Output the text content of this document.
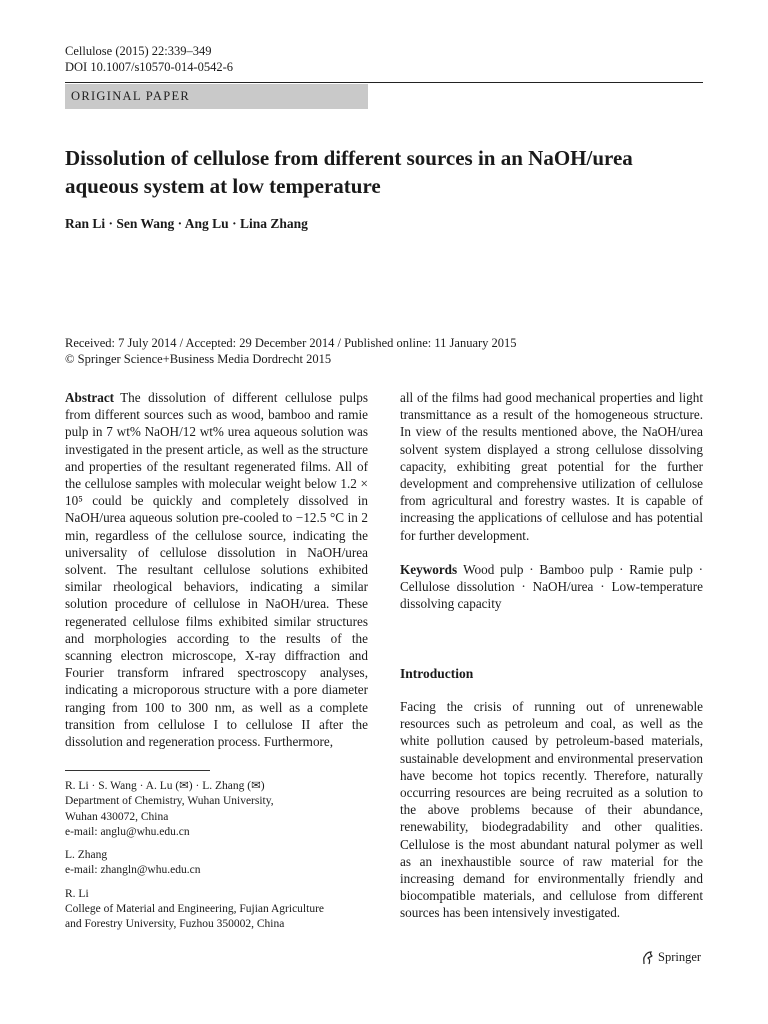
Cellulose (2015) 22:339–349
DOI 10.1007/s10570-014-0542-6
ORIGINAL PAPER
Dissolution of cellulose from different sources in an NaOH/urea aqueous system at low temperature
Ran Li · Sen Wang · Ang Lu · Lina Zhang
Received: 7 July 2014 / Accepted: 29 December 2014 / Published online: 11 January 2015
© Springer Science+Business Media Dordrecht 2015

Abstract The dissolution of different cellulose pulps from different sources such as wood, bamboo and ramie pulp in 7 wt% NaOH/12 wt% urea aqueous solution was investigated in the present article, as well as the structure and properties of the resultant regenerated films. All of the cellulose samples with molecular weight below 1.2 × 10⁵ could be quickly and completely dissolved in NaOH/urea aqueous solution pre-cooled to −12.5 °C in 2 min, regardless of the cellulose source, indicating the universality of cellulose dissolution in NaOH/urea solvent. The resultant cellulose solutions exhibited similar rheological behaviors, indicating a similar solution procedure of cellulose in NaOH/urea. These regenerated cellulose films exhibited similar structures and morphologies according to the results of the scanning electron microscope, X-ray diffraction and Fourier transform infrared spectroscopy analyses, indicating a microporous structure with a pore diameter ranging from 100 to 300 nm, as well as a complete transition from cellulose I to cellulose II after the dissolution and regeneration process. Furthermore,

all of the films had good mechanical properties and light transmittance as a result of the homogeneous structure. In view of the results mentioned above, the NaOH/urea solvent system displayed a strong cellulose dissolving capacity, exhibiting great potential for the further development and comprehensive utilization of cellulose from agricultural and forestry wastes. It is capable of increasing the applications of cellulose and has potential for further development.

Keywords Wood pulp · Bamboo pulp · Ramie pulp · Cellulose dissolution · NaOH/urea · Low-temperature dissolving capacity
Introduction
Facing the crisis of running out of unrenewable resources such as petroleum and coal, as well as the white pollution caused by petroleum-based materials, sustainable development and environmental preservation have become hot topics recently. Therefore, naturally occurring resources are being recruited as a solution to the above problems because of their abundance, renewability, biodegradability and other qualities. Cellulose is the most abundant natural polymer as well as an inexhaustible source of raw material for the increasing demand for environmentally friendly and biocompatible materials, and cellulose from different sources has been intensively investigated.
R. Li · S. Wang · A. Lu (✉) · L. Zhang (✉)
Department of Chemistry, Wuhan University,
Wuhan 430072, China
e-mail: anglu@whu.edu.cn
L. Zhang
e-mail: zhangln@whu.edu.cn
R. Li
College of Material and Engineering, Fujian Agriculture
and Forestry University, Fuzhou 350002, China
Springer
